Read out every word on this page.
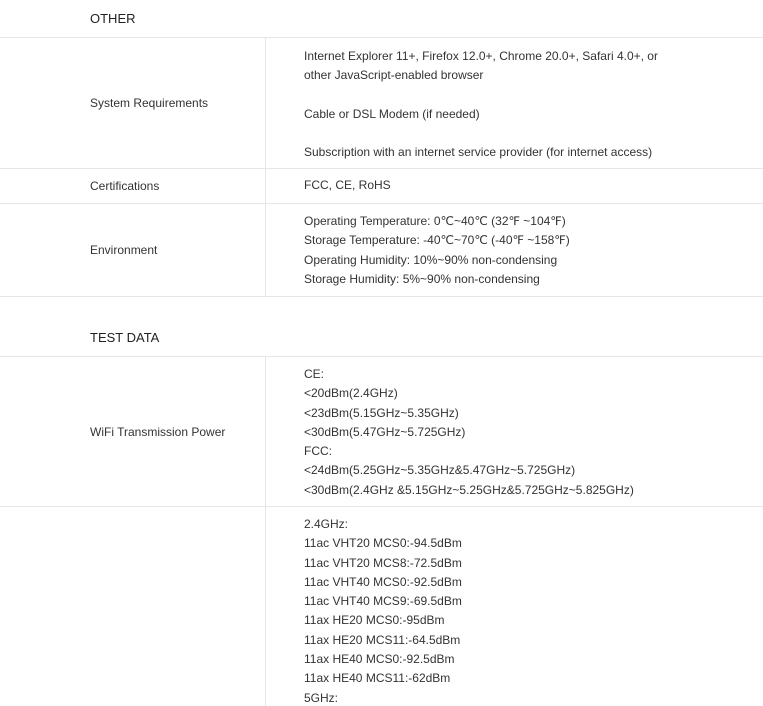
OTHER
System Requirements
Internet Explorer 11+, Firefox 12.0+, Chrome 20.0+, Safari 4.0+, or
other JavaScript-enabled browser
Cable or DSL Modem (if needed)
Subscription with an internet service provider (for internet access)
Certifications	FCC, CE, RoHS
Environment
Operating Temperature: 0℃~40℃ (32℉ ~104℉)
Storage Temperature: -40℃~70℃ (-40℉ ~158℉)
Operating Humidity: 10%~90% non-condensing
Storage Humidity: 5%~90% non-condensing
TEST DATA
WiFi Transmission Power
CE:
<20dBm(2.4GHz)
<23dBm(5.15GHz~5.35GHz)
<30dBm(5.47GHz~5.725GHz)
FCC:
<24dBm(5.25GHz~5.35GHz&5.47GHz~5.725GHz)
<30dBm(2.4GHz &5.15GHz~5.25GHz&5.725GHz~5.825GHz)
2.4GHz:
11ac VHT20 MCS0:-94.5dBm
11ac VHT20 MCS8:-72.5dBm
11ac VHT40 MCS0:-92.5dBm
11ac VHT40 MCS9:-69.5dBm
11ax HE20 MCS0:-95dBm
11ax HE20 MCS11:-64.5dBm
11ax HE40 MCS0:-92.5dBm
11ax HE40 MCS11:-62dBm
5GHz:
